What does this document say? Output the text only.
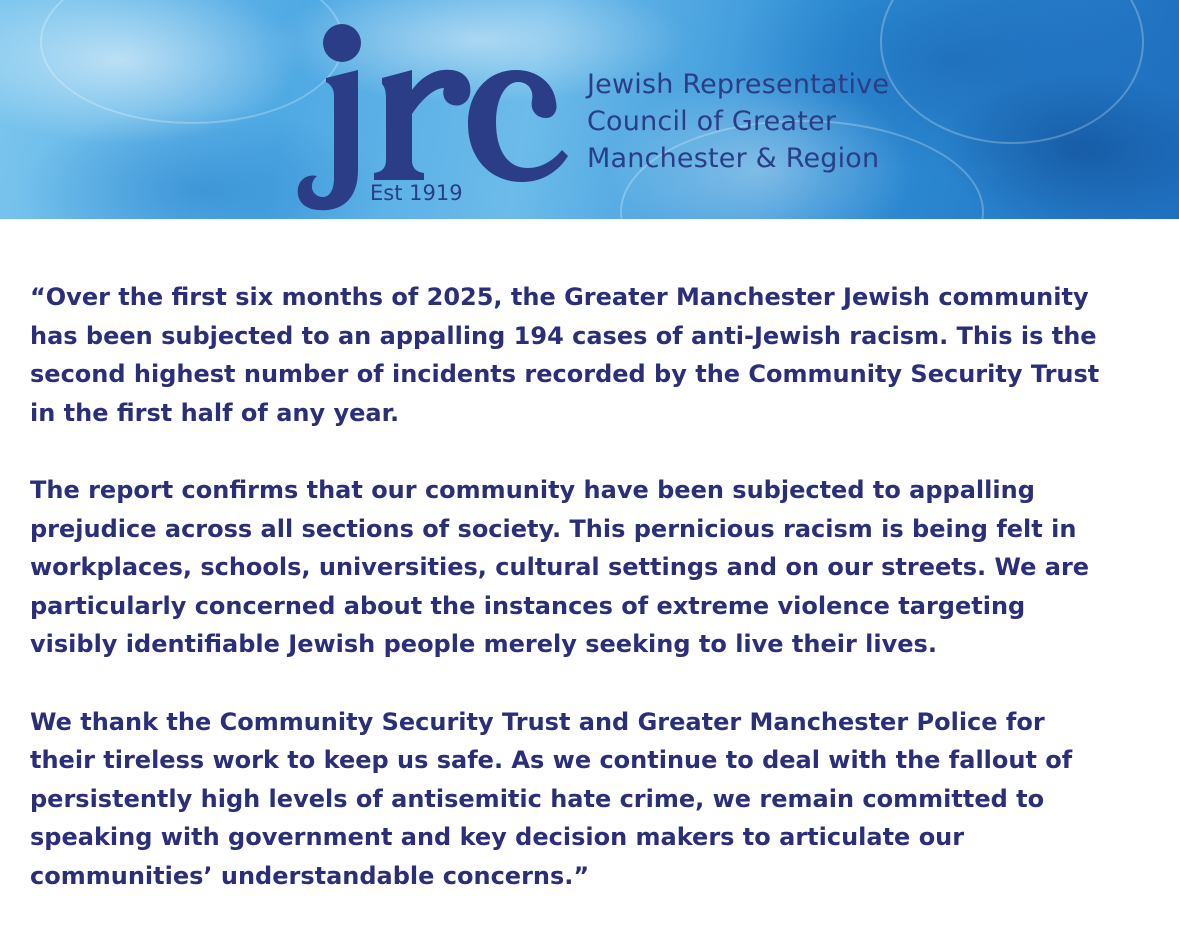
Est 1919
Jewish Representative
Council of Greater
Manchester & Region

“Over the first six months of 2025, the Greater Manchester Jewish community
has been subjected to an appalling 194 cases of anti-Jewish racism. This is the
second highest number of incidents recorded by the Community Security Trust
in the first half of any year.

The report confirms that our community have been subjected to appalling
prejudice across all sections of society. This pernicious racism is being felt in
workplaces, schools, universities, cultural settings and on our streets. We are
particularly concerned about the instances of extreme violence targeting
visibly identifiable Jewish people merely seeking to live their lives.

We thank the Community Security Trust and Greater Manchester Police for
their tireless work to keep us safe. As we continue to deal with the fallout of
persistently high levels of antisemitic hate crime, we remain committed to
speaking with government and key decision makers to articulate our
communities’ understandable concerns.”
